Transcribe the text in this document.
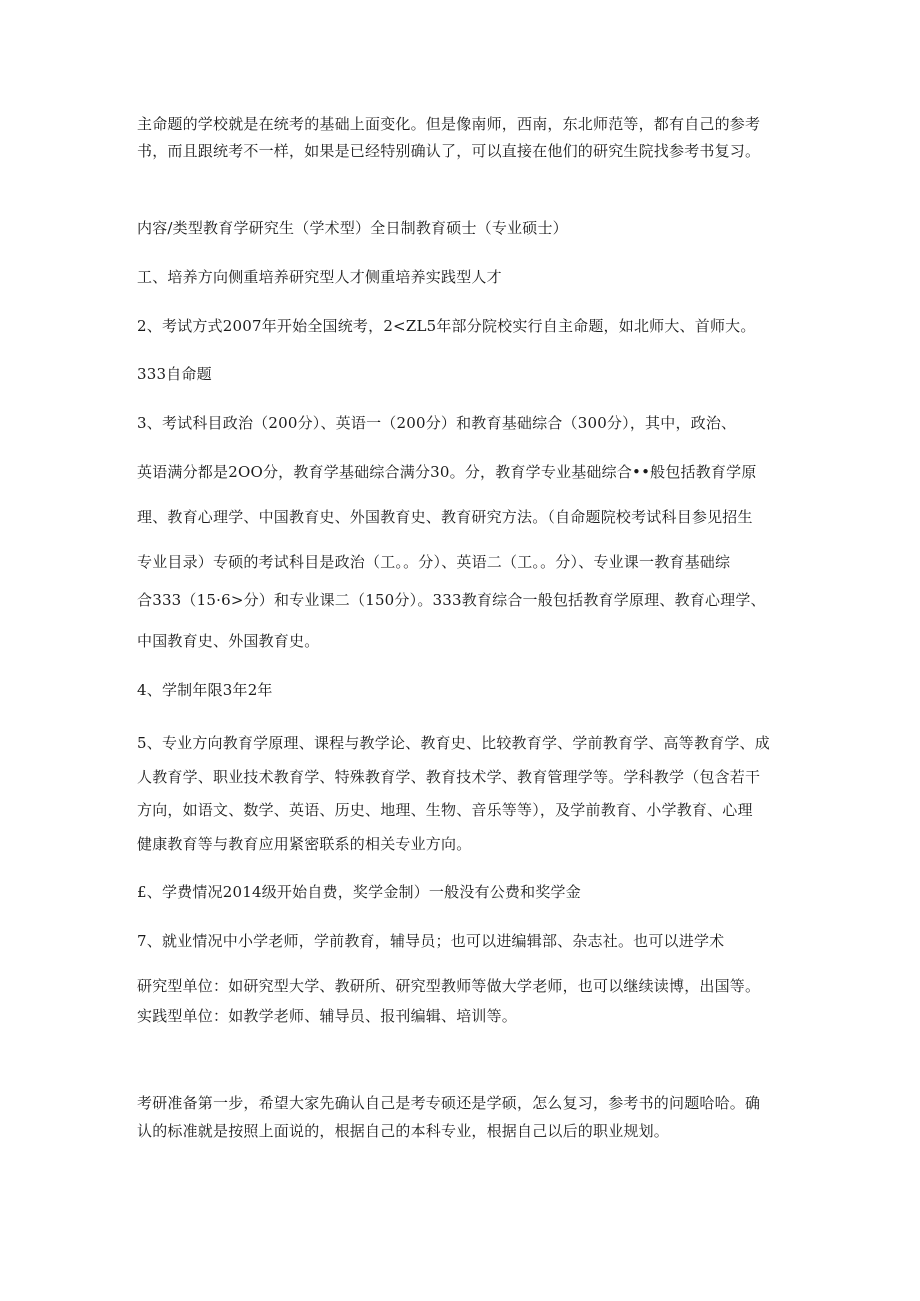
主命题的学校就是在统考的基础上面变化。但是像南师，西南，东北师范等，都有自己的参考
书，而且跟统考不一样，如果是已经特别确认了，可以直接在他们的研究生院找参考书复习。
内容/类型教育学研究生（学术型）全日制教育硕士（专业硕士）
工、培养方向侧重培养研究型人才侧重培养实践型人才
2、考试方式2007年开始全国统考，2<ZL5年部分院校实行自主命题，如北师大、首师大。
333自命题
3、考试科目政治（200分）、英语一（200分）和教育基础综合（300分），其中，政治、
英语满分都是2OO分，教育学基础综合满分30。分，教育学专业基础综合••般包括教育学原
理、教育心理学、中国教育史、外国教育史、教育研究方法。（自命题院校考试科目参见招生
专业目录）专硕的考试科目是政治（工。。分）、英语二（工。。分）、专业课一教育基础综
合333（15·6>分）和专业课二（150分）。333教育综合一般包括教育学原理、教育心理学、
中国教育史、外国教育史。
4、学制年限3年2年
5、专业方向教育学原理、课程与教学论、教育史、比较教育学、学前教育学、高等教育学、成
人教育学、职业技术教育学、特殊教育学、教育技术学、教育管理学等。学科教学（包含若干
方向，如语文、数学、英语、历史、地理、生物、音乐等等），及学前教育、小学教育、心理
健康教育等与教育应用紧密联系的相关专业方向。
£、学费情况2014级开始自费，奖学金制）一般没有公费和奖学金
7、就业情况中小学老师，学前教育，辅导员；也可以进编辑部、杂志社。也可以进学术
研究型单位：如研究型大学、教研所、研究型教师等做大学老师，也可以继续读博，出国等。
实践型单位：如教学老师、辅导员、报刊编辑、培训等。
考研准备第一步，希望大家先确认自己是考专硕还是学硕，怎么复习，参考书的问题哈哈。确
认的标准就是按照上面说的，根据自己的本科专业，根据自己以后的职业规划。
